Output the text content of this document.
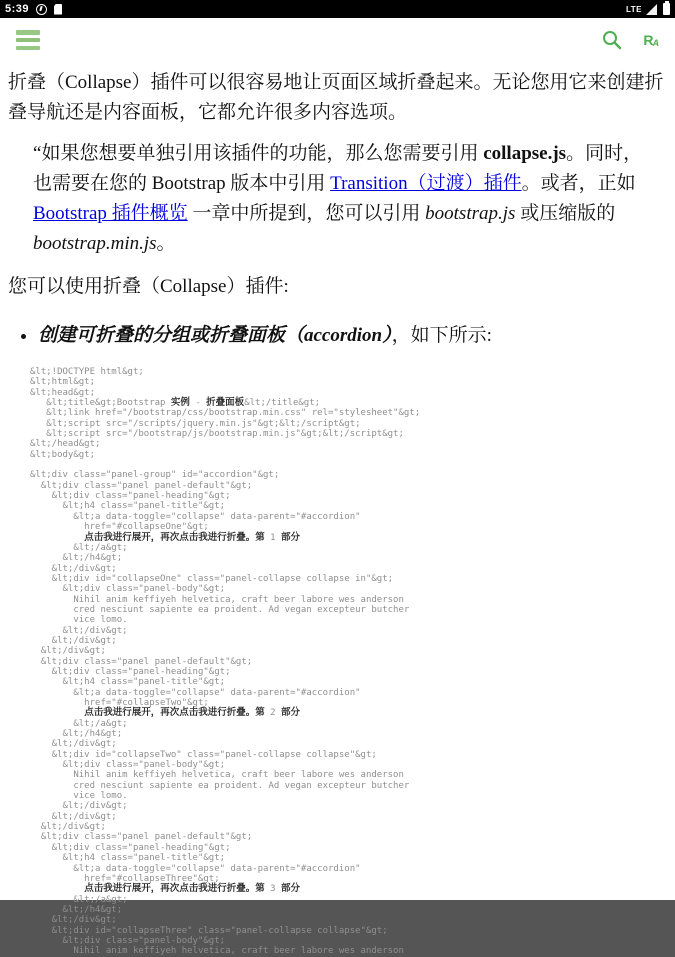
5:39	LTE
R A

折叠（Collapse）插件可以很容易地让页面区域折叠起来。无论您用它来创建折叠导航还是内容面板，它都允许很多内容选项。

“如果您想要单独引用该插件的功能，那么您需要引用 collapse.js。同时，也需要在您的 Bootstrap 版本中引用 Transition（过渡）插件。或者，正如 Bootstrap 插件概览 一章中所提到，您可以引用 bootstrap.js 或压缩版的 bootstrap.min.js。

您可以使用折叠（Collapse）插件:

• 创建可折叠的分组或折叠面板（accordion），如下所示:
&lt;!DOCTYPE html&gt;
&lt;html&gt;
&lt;head&gt;
&lt;title&gt;Bootstrap 实例 - 折叠面板&lt;/title&gt;
&lt;link href="/bootstrap/css/bootstrap.min.css" rel="stylesheet"&gt;
&lt;script src="/scripts/jquery.min.js"&gt;&lt;/script&gt;
&lt;script src="/bootstrap/js/bootstrap.min.js"&gt;&lt;/script&gt;
&lt;/head&gt;
&lt;body&gt;

&lt;div class="panel-group" id="accordion"&gt;
&lt;div class="panel panel-default"&gt;
&lt;div class="panel-heading"&gt;
&lt;h4 class="panel-title"&gt;
&lt;a data-toggle="collapse" data-parent="#accordion"
href="#collapseOne"&gt;
点击我进行展开，再次点击我进行折叠。第 1 部分
&lt;/a&gt;
&lt;/h4&gt;
&lt;/div&gt;
&lt;div id="collapseOne" class="panel-collapse collapse in"&gt;
&lt;div class="panel-body"&gt;
Nihil anim keffiyeh helvetica, craft beer labore wes anderson
cred nesciunt sapiente ea proident. Ad vegan excepteur butcher
vice lomo.
&lt;/div&gt;
&lt;/div&gt;
&lt;/div&gt;
&lt;div class="panel panel-default"&gt;
&lt;div class="panel-heading"&gt;
&lt;h4 class="panel-title"&gt;
&lt;a data-toggle="collapse" data-parent="#accordion"
href="#collapseTwo"&gt;
点击我进行展开，再次点击我进行折叠。第 2 部分
&lt;/a&gt;
&lt;/h4&gt;
&lt;/div&gt;
&lt;div id="collapseTwo" class="panel-collapse collapse"&gt;
&lt;div class="panel-body"&gt;
Nihil anim keffiyeh helvetica, craft beer labore wes anderson
cred nesciunt sapiente ea proident. Ad vegan excepteur butcher
vice lomo.
&lt;/div&gt;
&lt;/div&gt;
&lt;/div&gt;
&lt;div class="panel panel-default"&gt;
&lt;div class="panel-heading"&gt;
&lt;h4 class="panel-title"&gt;
&lt;a data-toggle="collapse" data-parent="#accordion"
href="#collapseThree"&gt;
点击我进行展开，再次点击我进行折叠。第 3 部分
&lt;/a&gt;
&lt;/h4&gt;
&lt;/div&gt;
&lt;div id="collapseThree" class="panel-collapse collapse"&gt;
&lt;div class="panel-body"&gt;
Nihil anim keffiyeh helvetica, craft beer labore wes anderson
